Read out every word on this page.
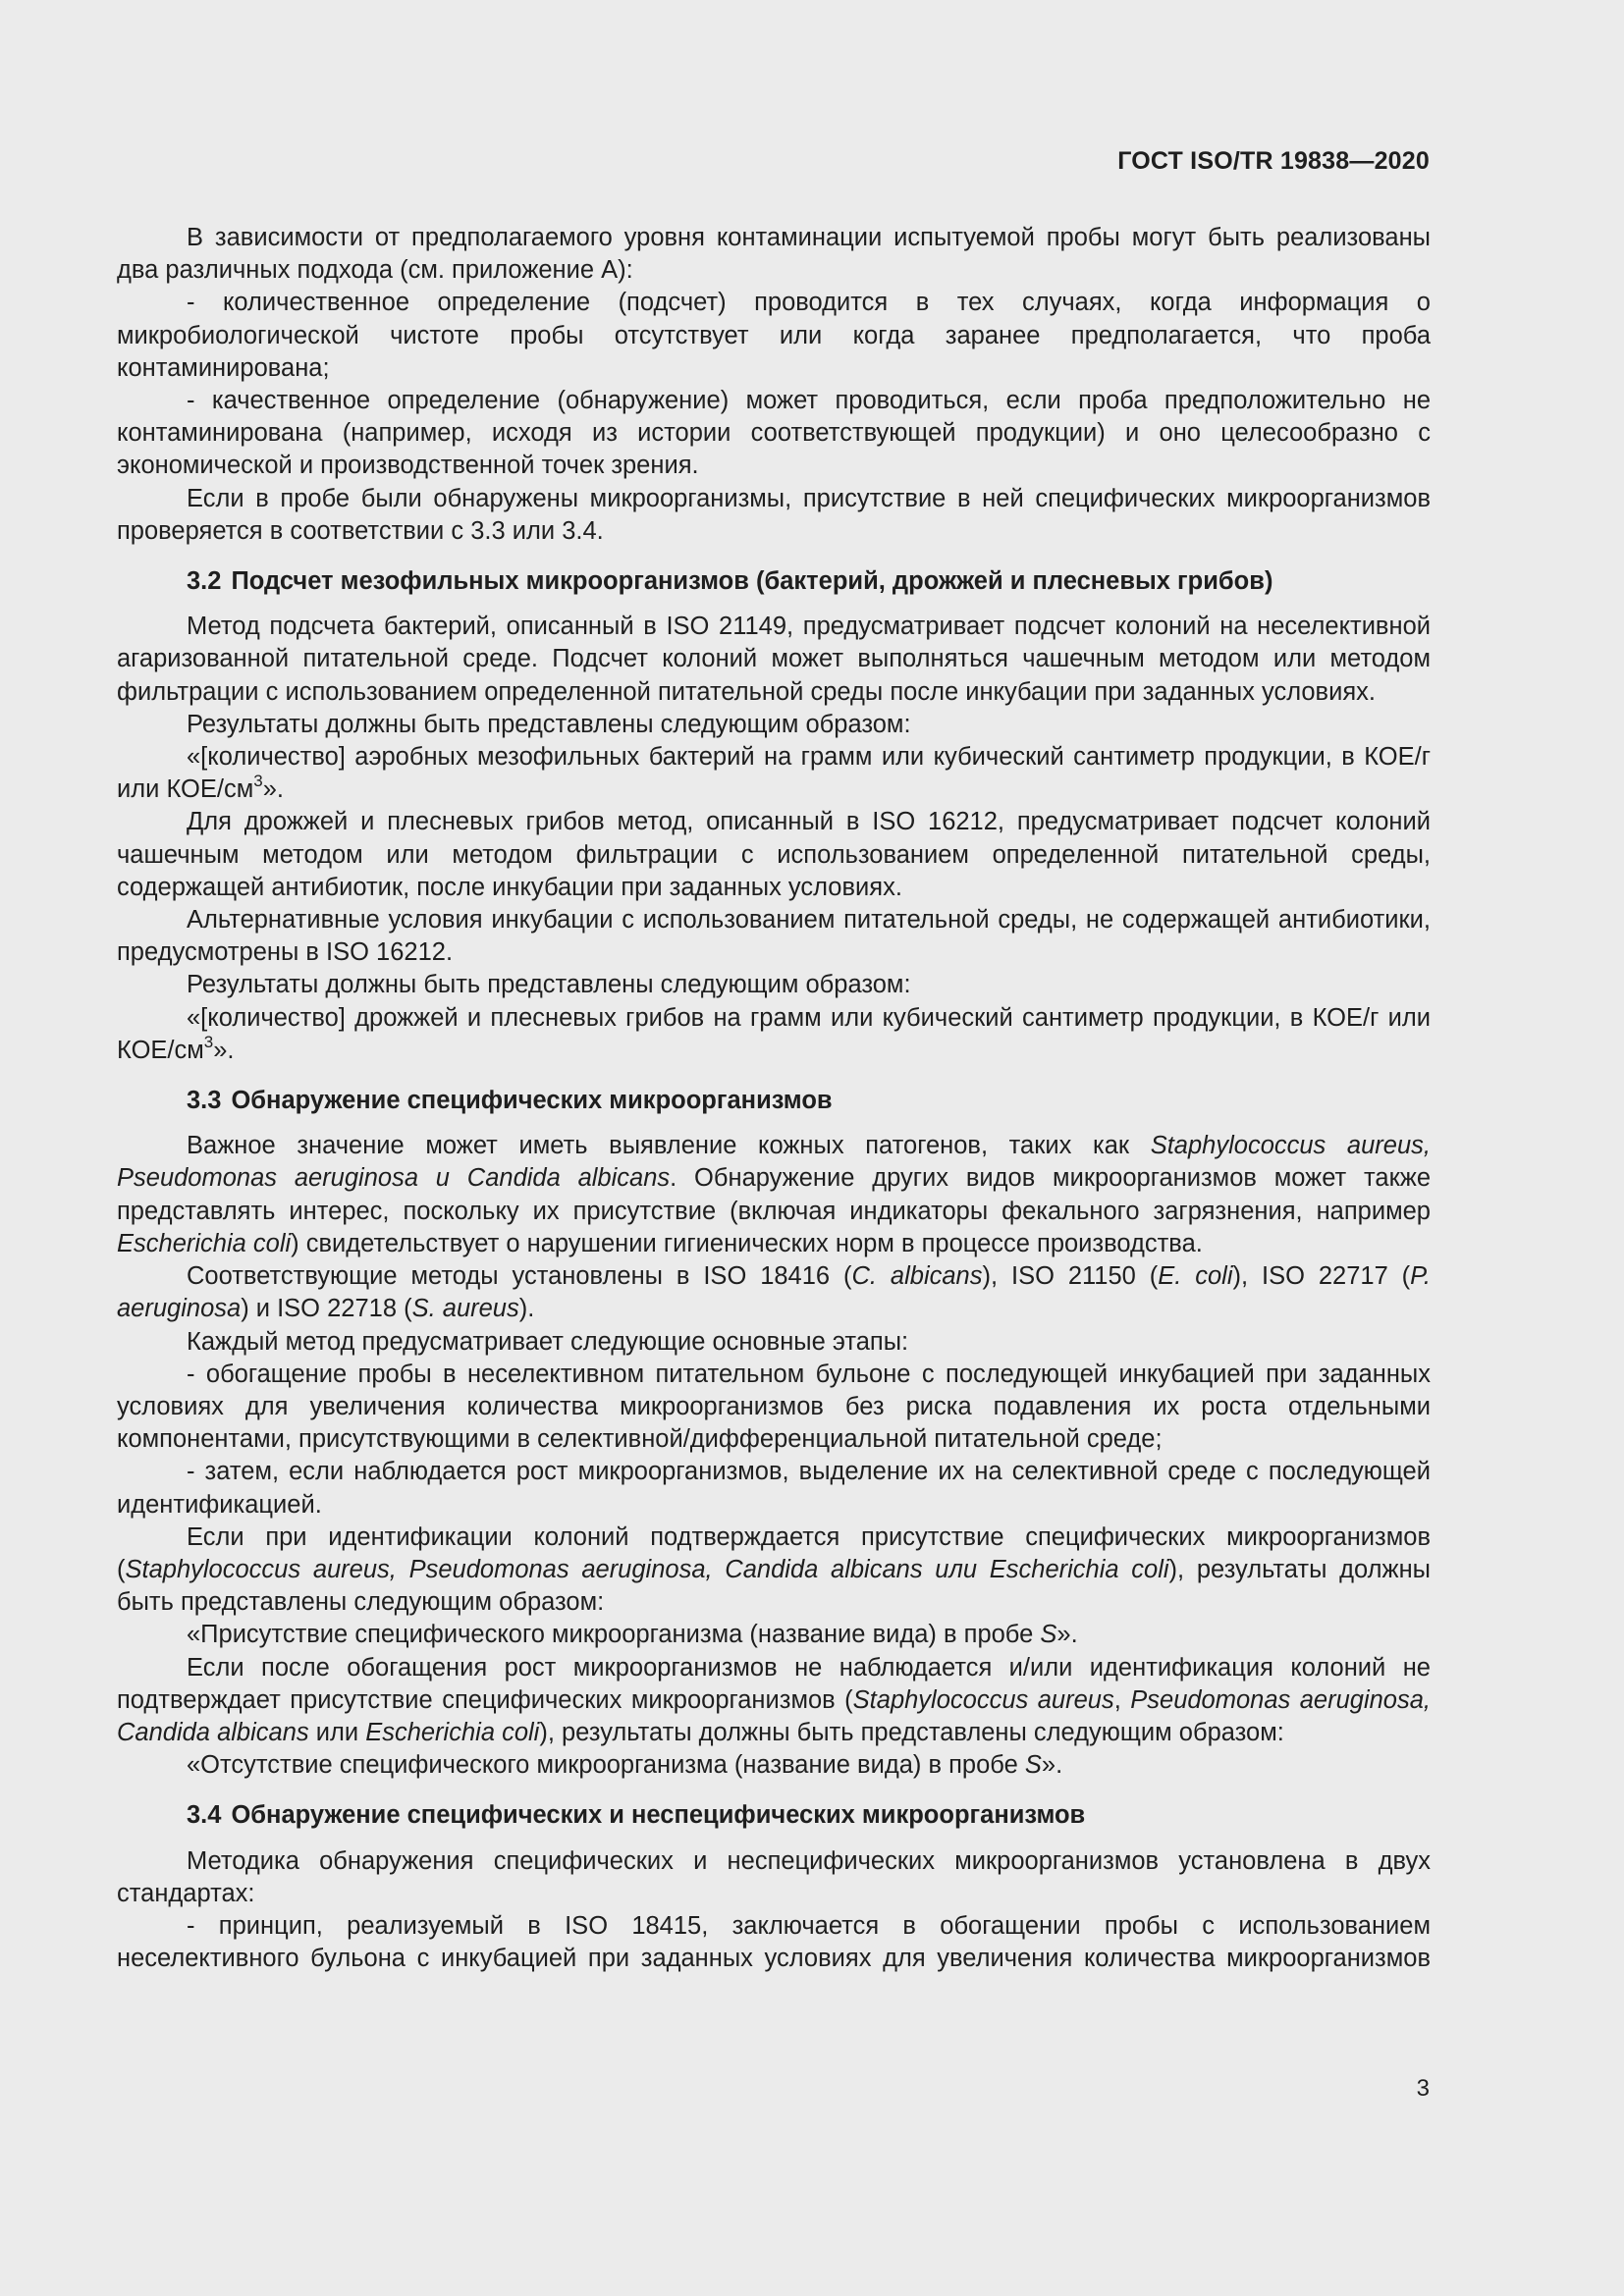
ГОСТ ISO/TR 19838—2020

В зависимости от предполагаемого уровня контаминации испытуемой пробы могут быть реализованы два различных подхода (см. приложение А):

- количественное определение (подсчет) проводится в тех случаях, когда информация о микробиологической чистоте пробы отсутствует или когда заранее предполагается, что проба контаминирована;

- качественное определение (обнаружение) может проводиться, если проба предположительно не контаминирована (например, исходя из истории соответствующей продукции) и оно целесообразно с экономической и производственной точек зрения.

Если в пробе были обнаружены микроорганизмы, присутствие в ней специфических микроорганизмов проверяется в соответствии с 3.3 или 3.4.

3.2 Подсчет мезофильных микроорганизмов (бактерий, дрожжей и плесневых грибов)

Метод подсчета бактерий, описанный в ISO 21149, предусматривает подсчет колоний на неселективной агаризованной питательной среде. Подсчет колоний может выполняться чашечным методом или методом фильтрации с использованием определенной питательной среды после инкубации при заданных условиях.

Результаты должны быть представлены следующим образом:

«[количество] аэробных мезофильных бактерий на грамм или кубический сантиметр продукции, в КОЕ/г или КОЕ/$см^3$».

Для дрожжей и плесневых грибов метод, описанный в ISO 16212, предусматривает подсчет колоний чашечным методом или методом фильтрации с использованием определенной питательной среды, содержащей антибиотик, после инкубации при заданных условиях.

Альтернативные условия инкубации с использованием питательной среды, не содержащей антибиотики, предусмотрены в ISO 16212.

Результаты должны быть представлены следующим образом:

«[количество] дрожжей и плесневых грибов на грамм или кубический сантиметр продукции, в КОЕ/г или КОЕ/$см^3$».

3.3 Обнаружение специфических микроорганизмов

Важное значение может иметь выявление кожных патогенов, таких как Staphylococcus aureus, Pseudomonas aeruginosa и Candida albicans. Обнаружение других видов микроорганизмов может также представлять интерес, поскольку их присутствие (включая индикаторы фекального загрязнения, например Escherichia coli) свидетельствует о нарушении гигиенических норм в процессе производства.

Соответствующие методы установлены в ISO 18416 (C. albicans), ISO 21150 (E. coli), ISO 22717 (P. aeruginosa) и ISO 22718 (S. aureus).

Каждый метод предусматривает следующие основные этапы:

- обогащение пробы в неселективном питательном бульоне с последующей инкубацией при заданных условиях для увеличения количества микроорганизмов без риска подавления их роста отдельными компонентами, присутствующими в селективной/дифференциальной питательной среде;

- затем, если наблюдается рост микроорганизмов, выделение их на селективной среде с последующей идентификацией.

Если при идентификации колоний подтверждается присутствие специфических микроорганизмов (Staphylococcus aureus, Pseudomonas aeruginosa, Candida albicans или Escherichia coli), результаты должны быть представлены следующим образом:

«Присутствие специфического микроорганизма (название вида) в пробе S».

Если после обогащения рост микроорганизмов не наблюдается и/или идентификация колоний не подтверждает присутствие специфических микроорганизмов (Staphylococcus aureus, Pseudomonas aeruginosa, Candida albicans или Escherichia coli), результаты должны быть представлены следующим образом:

«Отсутствие специфического микроорганизма (название вида) в пробе S».

3.4 Обнаружение специфических и неспецифических микроорганизмов

Методика обнаружения специфических и неспецифических микроорганизмов установлена в двух стандартах:

- принцип, реализуемый в ISO 18415, заключается в обогащении пробы с использованием неселективного бульона с инкубацией при заданных условиях для увеличения количества микроорганизмов

3
